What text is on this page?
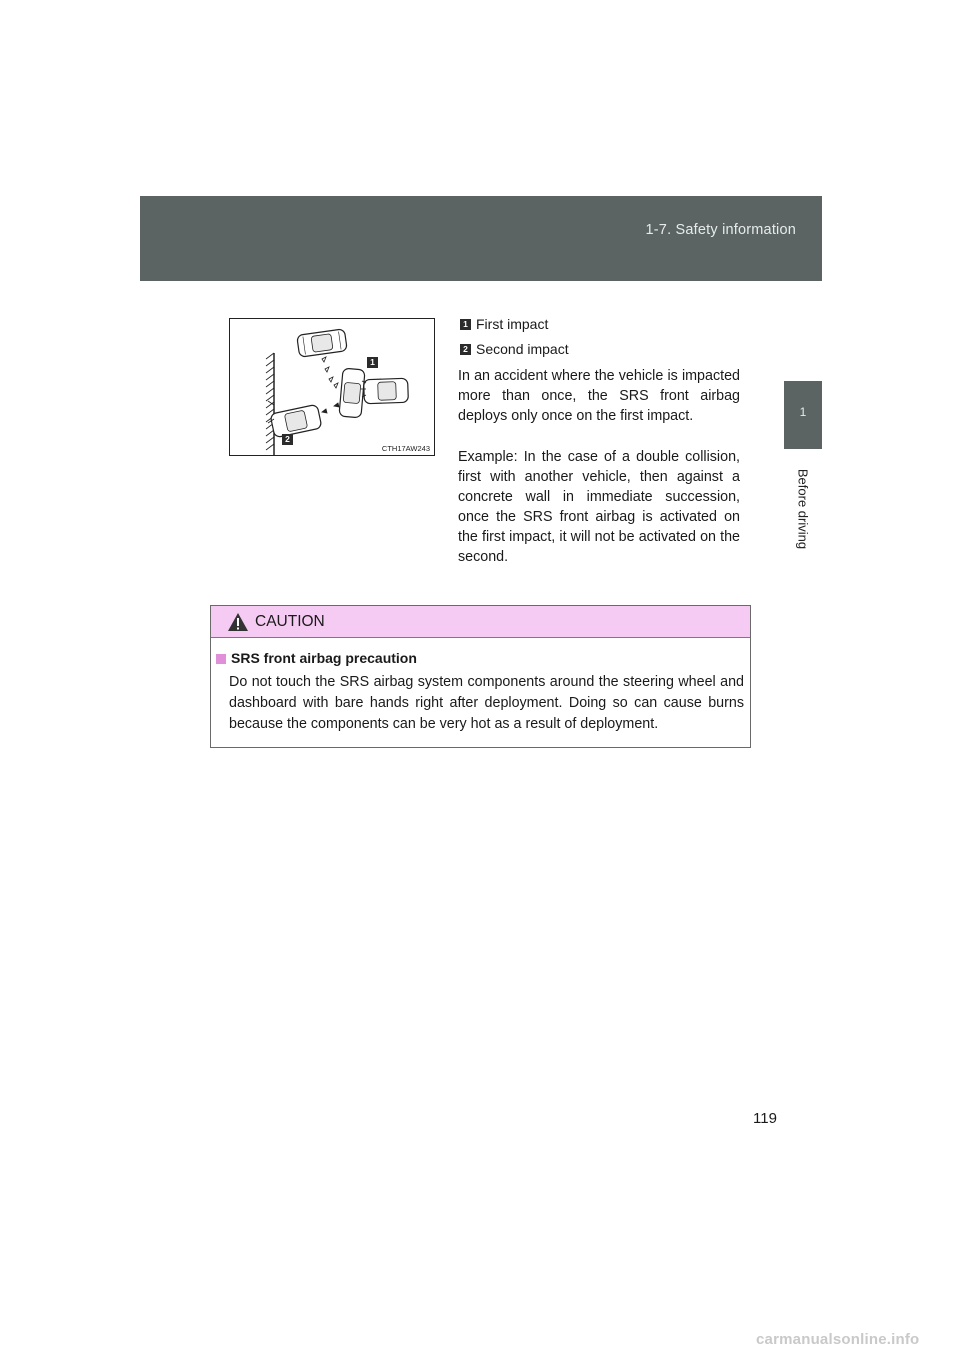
1-7. Safety information
1
Before driving
1
2
CTH17AW243
1 First impact
2 Second impact

In an accident where the vehicle is impacted more than once, the SRS front airbag deploys only once on the first impact.

Example: In the case of a double collision, first with another vehicle, then against a concrete wall in immediate succession, once the SRS front airbag is activated on the first impact, it will not be activated on the second.

CAUTION
SRS front airbag precaution

Do not touch the SRS airbag system components around the steering wheel and dashboard with bare hands right after deployment. Doing so can cause burns because the components can be very hot as a result of deployment.

119
carmanualsonline.info
